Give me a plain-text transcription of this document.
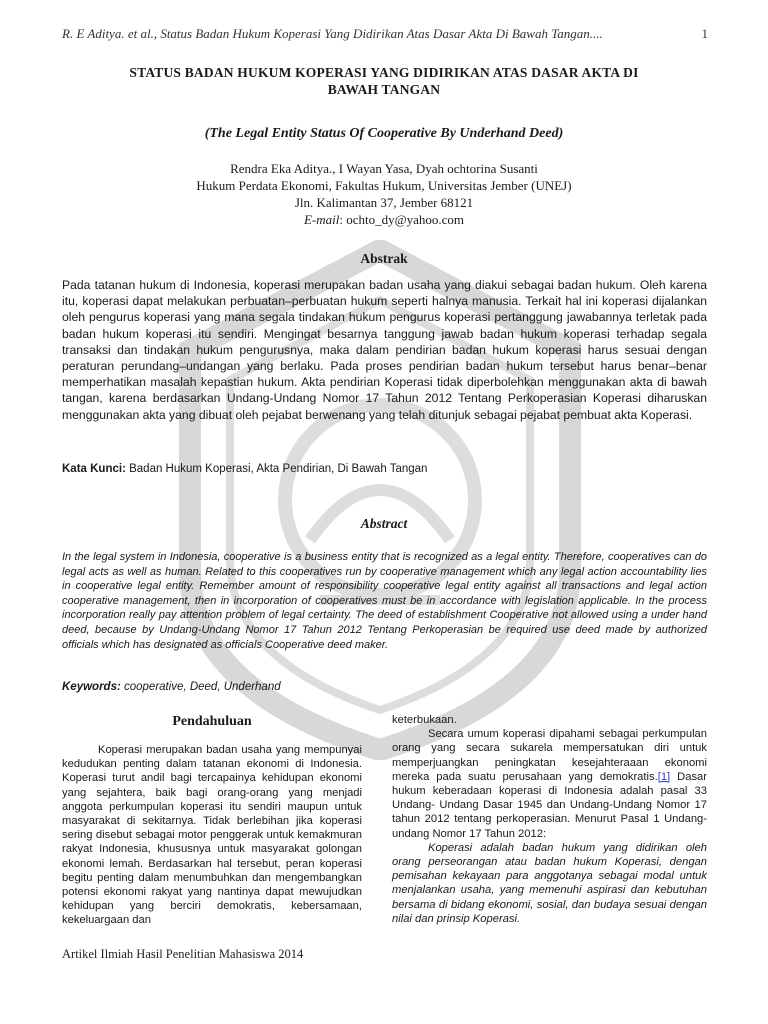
R. E Aditya. et al., Status Badan Hukum Koperasi Yang Didirikan Atas Dasar Akta Di Bawah Tangan....	1
STATUS BADAN HUKUM KOPERASI YANG DIDIRIKAN ATAS DASAR AKTA DI
BAWAH TANGAN
(The Legal Entity Status Of Cooperative By Underhand Deed)
Rendra Eka Aditya., I Wayan Yasa, Dyah ochtorina Susanti
Hukum Perdata Ekonomi, Fakultas Hukum, Universitas Jember (UNEJ)
Jln. Kalimantan 37, Jember 68121
E-mail: ochto_dy@yahoo.com
Abstrak
Pada tatanan hukum di Indonesia, koperasi merupakan badan usaha yang diakui sebagai badan hukum. Oleh karena itu, koperasi dapat melakukan perbuatan–perbuatan hukum seperti halnya manusia. Terkait hal ini koperasi dijalankan oleh pengurus koperasi yang mana segala tindakan hukum pengurus koperasi pertanggung jawabannya terletak pada badan hukum koperasi itu sendiri. Mengingat besarnya tanggung jawab badan hukum koperasi terhadap segala transaksi dan tindakan hukum pengurusnya, maka dalam pendirian badan hukum koperasi harus sesuai dengan peraturan perundang–undangan yang berlaku. Pada proses pendirian badan hukum tersebut harus benar–benar memperhatikan masalah kepastian hukum. Akta pendirian Koperasi tidak diperbolehkan menggunakan akta di bawah tangan, karena berdasarkan Undang-Undang Nomor 17 Tahun 2012 Tentang Perkoperasian Koperasi diharuskan menggunakan akta yang dibuat oleh pejabat berwenang yang telah ditunjuk sebagai pejabat pembuat akta Koperasi.
Kata Kunci: Badan Hukum Koperasi, Akta Pendirian, Di Bawah Tangan
Abstract
In the legal system in Indonesia, cooperative is a business entity that is recognized as a legal entity. Therefore, cooperatives can do legal acts as well as human. Related to this cooperatives run by cooperative management which any legal action accountability lies in cooperative legal entity. Remember amount of responsibility cooperative legal entity against all transactions and legal action cooperative management, then in incorporation of cooperatives must be in accordance with legislation applicable. In the process incorporation really pay attention problem of legal certainty. The deed of establishment Cooperative not allowed using a under hand deed, because by Undang-Undang Nomor 17 Tahun 2012 Tentang Perkoperasian be required use deed made by authorized officials which has designated as officials Cooperative deed maker.
Keywords: cooperative, Deed, Underhand
Pendahuluan

Koperasi merupakan badan usaha yang mempunyai kedudukan penting dalam tatanan ekonomi di Indonesia. Koperasi turut andil bagi tercapainya kehidupan ekonomi yang sejahtera, baik bagi orang-orang yang menjadi anggota perkumpulan koperasi itu sendiri maupun untuk masyarakat di sekitarnya. Tidak berlebihan jika koperasi sering disebut sebagai motor penggerak untuk kemakmuran rakyat Indonesia, khususnya untuk masyarakat golongan ekonomi lemah. Berdasarkan hal tersebut, peran koperasi begitu penting dalam menumbuhkan dan mengembangkan potensi ekonomi rakyat yang nantinya dapat mewujudkan kehidupan yang berciri demokratis, kebersamaan, kekeluargaan dan

keterbukaan.

Secara umum koperasi dipahami sebagai perkumpulan orang yang secara sukarela mempersatukan diri untuk memperjuangkan peningkatan kesejahteraaan ekonomi mereka pada suatu perusahaan yang demokratis.[1] Dasar hukum keberadaan koperasi di Indonesia adalah pasal 33 Undang- Undang Dasar 1945 dan Undang-Undang Nomor 17 tahun 2012 tentang perkoperasian. Menurut Pasal 1 Undang-undang Nomor 17 Tahun 2012:

Koperasi adalah badan hukum yang didirikan oleh orang perseorangan atau badan hukum Koperasi, dengan pemisahan kekayaan para anggotanya sebagai modal untuk menjalankan usaha, yang memenuhi aspirasi dan kebutuhan bersama di bidang ekonomi, sosial, dan budaya sesuai dengan nilai dan prinsip Koperasi.

Artikel Ilmiah Hasil Penelitian Mahasiswa 2014
